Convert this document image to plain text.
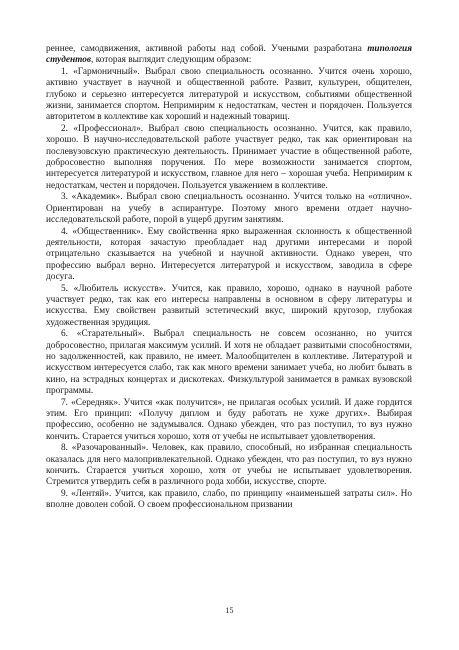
реннее, самодвижения, активной работы над собой. Учеными разработана типология студентов, которая выглядит следующим образом:

1. «Гармоничный». Выбрал свою специальность осознанно. Учится очень хорошо, активно участвует в научной и общественной работе. Развит, культурен, общителен, глубоко и серьезно интересуется литературой и искусством, событиями общественной жизни, занимается спортом. Непримирим к недостаткам, честен и порядочен. Пользуется авторитетом в коллективе как хороший и надежный товарищ.

2. «Профессионал». Выбрал свою специальность осознанно. Учится, как правило, хорошо. В научно-исследовательской работе участвует редко, так как ориентирован на послевузовскую практическую деятельность. Принимает участие в общественной работе, добросовестно выполняя поручения. По мере возможности занимается спортом, интересуется литературой и искусством, главное для него – хорошая учеба. Непримирим к недостаткам, честен и порядочен. Пользуется уважением в коллективе.

3. «Академик». Выбрал свою специальность осознанно. Учится только на «отлично». Ориентирован на учебу в аспирантуре. Поэтому много времени отдает научно-исследовательской работе, порой в ущерб другим занятиям.

4. «Общественник». Ему свойственна ярко выраженная склонность к общественной деятельности, которая зачастую преобладает над другими интересами и порой отрицательно сказывается на учебной и научной активности. Однако уверен, что профессию выбрал верно. Интересуется литературой и искусством, заводила в сфере досуга.

5. «Любитель искусств». Учится, как правило, хорошо, однако в научной работе участвует редко, так как его интересы направлены в основном в сферу литературы и искусства. Ему свойствен развитый эстетический вкус, широкий кругозор, глубокая художественная эрудиция.

6. «Старательный». Выбрал специальность не совсем осознанно, но учится добросовестно, прилагая максимум усилий. И хотя не обладает развитыми способностями, но задолженностей, как правило, не имеет. Малообщителен в коллективе. Литературой и искусством интересуется слабо, так как много времени занимает учеба, но любит бывать в кино, на эстрадных концертах и дискотеках. Физкультурой занимается в рамках вузовской программы.

7. «Середняк». Учится «как получится», не прилагая особых усилий. И даже гордится этим. Его принцип: «Получу диплом и буду работать не хуже других». Выбирая профессию, особенно не задумывался. Однако убежден, что раз поступил, то вуз нужно кончить. Старается учиться хорошо, хотя от учебы не испытывает удовлетворения.

8. «Разочарованный». Человек, как правило, способный, но избранная специальность оказалась для него малопривлекательной. Однако убежден, что раз поступил, то вуз нужно кончить. Старается учиться хорошо, хотя от учебы не испытывает удовлетворения. Стремится утвердить себя в различного рода хобби, искусстве, спорте.

9. «Лентяй». Учится, как правило, слабо, по принципу «наименьшей затраты сил». Но вполне доволен собой. О своем профессиональном призвании

15
